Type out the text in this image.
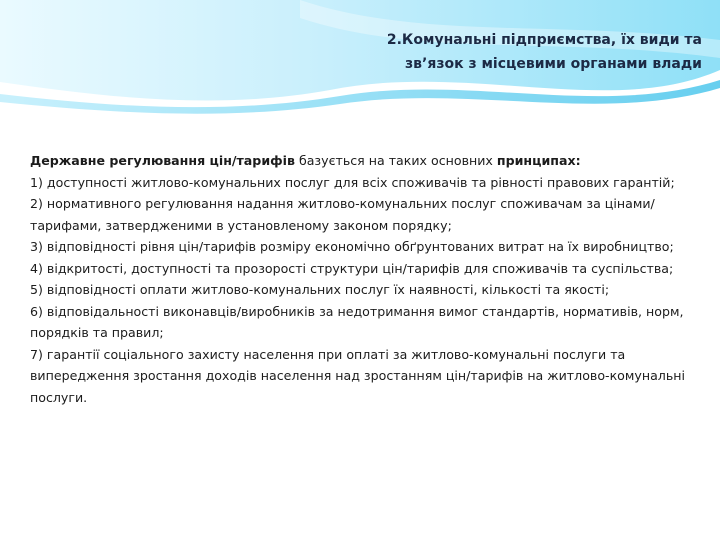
2.Комунальні підприємства, їх види та
зв’язок з місцевими органами влади

Державне регулювання цін/тарифів базується на таких основних принципах:

1) доступності житлово-комунальних послуг для всіх споживачів та рівності правових гарантій;

2) нормативного регулювання надання житлово-комунальних послуг споживачам за цінами/тарифами, затвердженими в установленому законом порядку;

3) відповідності рівня цін/тарифів розміру економічно обґрунтованих витрат на їх виробництво;

4) відкритості, доступності та прозорості структури цін/тарифів для споживачів та суспільства;

5) відповідності оплати житлово-комунальних послуг їх наявності, кількості та якості;

6) відповідальності виконавців/виробників за недотримання вимог стандартів, нормативів, норм, порядків та правил;

7) гарантії соціального захисту населення при оплаті за житлово-комунальні послуги та випередження зростання доходів населення над зростанням цін/тарифів на житлово-комунальні послуги.
